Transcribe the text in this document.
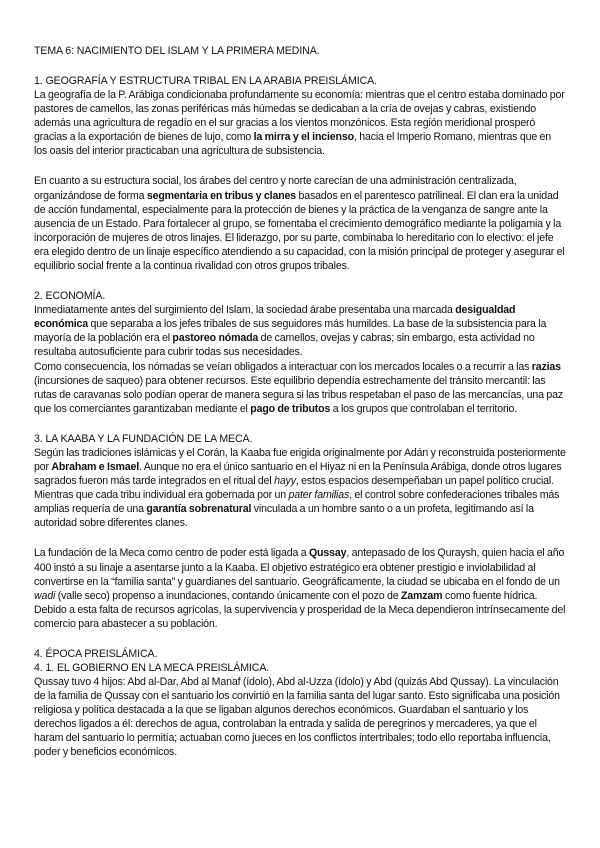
TEMA 6: NACIMIENTO DEL ISLAM Y LA PRIMERA MEDINA.
1. GEOGRAFÍA Y ESTRUCTURA TRIBAL EN LA ARABIA PREISLÁMICA.

La geografía de la P. Arábiga condicionaba profundamente su economía: mientras que el centro estaba dominado por pastores de camellos, las zonas periféricas más húmedas se dedicaban a la cría de ovejas y cabras, existiendo además una agricultura de regadío en el sur gracias a los vientos monzónicos. Esta región meridional prosperó gracias a la exportación de bienes de lujo, como la mirra y el incienso, hacia el Imperio Romano, mientras que en los oasis del interior practicaban una agricultura de subsistencia.

En cuanto a su estructura social, los árabes del centro y norte carecían de una administración centralizada, organizándose de forma segmentaria en tribus y clanes basados en el parentesco patrilineal. El clan era la unidad de acción fundamental, especialmente para la protección de bienes y la práctica de la venganza de sangre ante la ausencia de un Estado. Para fortalecer al grupo, se fomentaba el crecimiento demográfico mediante la poligamia y la incorporación de mujeres de otros linajes. El liderazgo, por su parte, combinaba lo hereditario con lo electivo: el jefe era elegido dentro de un linaje específico atendiendo a su capacidad, con la misión principal de proteger y asegurar el equilibrio social frente a la continua rivalidad con otros grupos tribales.

2. ECONOMÍA.

Inmediatamente antes del surgimiento del Islam, la sociedad árabe presentaba una marcada desigualdad económica que separaba a los jefes tribales de sus seguidores más humildes. La base de la subsistencia para la mayoría de la población era el pastoreo nómada de camellos, ovejas y cabras; sin embargo, esta actividad no resultaba autosuficiente para cubrir todas sus necesidades.

Como consecuencia, los nómadas se veían obligados a interactuar con los mercados locales o a recurrir a las razias (incursiones de saqueo) para obtener recursos. Este equilibrio dependía estrechamente del tránsito mercantil: las rutas de caravanas solo podían operar de manera segura si las tribus respetaban el paso de las mercancías, una paz que los comerciantes garantizaban mediante el pago de tributos a los grupos que controlaban el territorio.

3. LA KAABA Y LA FUNDACIÓN DE LA MECA.

Según las tradiciones islámicas y el Corán, la Kaaba fue erigida originalmente por Adán y reconstruida posteriormente por Abraham e Ismael. Aunque no era el único santuario en el Hiyaz ni en la Península Arábiga, donde otros lugares sagrados fueron más tarde integrados en el ritual del hayy, estos espacios desempeñaban un papel político crucial. Mientras que cada tribu individual era gobernada por un pater familias, el control sobre confederaciones tribales más amplias requería de una garantía sobrenatural vinculada a un hombre santo o a un profeta, legitimando así la autoridad sobre diferentes clanes.

La fundación de la Meca como centro de poder está ligada a Qussay, antepasado de los Quraysh, quien hacia el año 400 instó a su linaje a asentarse junto a la Kaaba. El objetivo estratégico era obtener prestigio e inviolabilidad al convertirse en la “familia santa” y guardianes del santuario. Geográficamente, la ciudad se ubicaba en el fondo de un wadi (valle seco) propenso a inundaciones, contando únicamente con el pozo de Zamzam como fuente hídrica. Debido a esta falta de recursos agrícolas, la supervivencia y prosperidad de la Meca dependieron intrínsecamente del comercio para abastecer a su población.

4. ÉPOCA PREISLÁMICA.
4. 1. EL GOBIERNO EN LA MECA PREISLÁMICA.

Qussay tuvo 4 hijos: Abd al-Dar, Abd al Manaf (ídolo), Abd al-Uzza (ídolo) y Abd (quizás Abd Qussay). La vinculación de la familia de Qussay con el santuario los convirtió en la familia santa del lugar santo. Esto significaba una posición religiosa y política destacada a la que se ligaban algunos derechos económicos. Guardaban el santuario y los derechos ligados a él: derechos de agua, controlaban la entrada y salida de peregrinos y mercaderes, ya que el haram del santuario lo permitía; actuaban como jueces en los conflictos intertribales; todo ello reportaba influencia, poder y beneficios económicos.
